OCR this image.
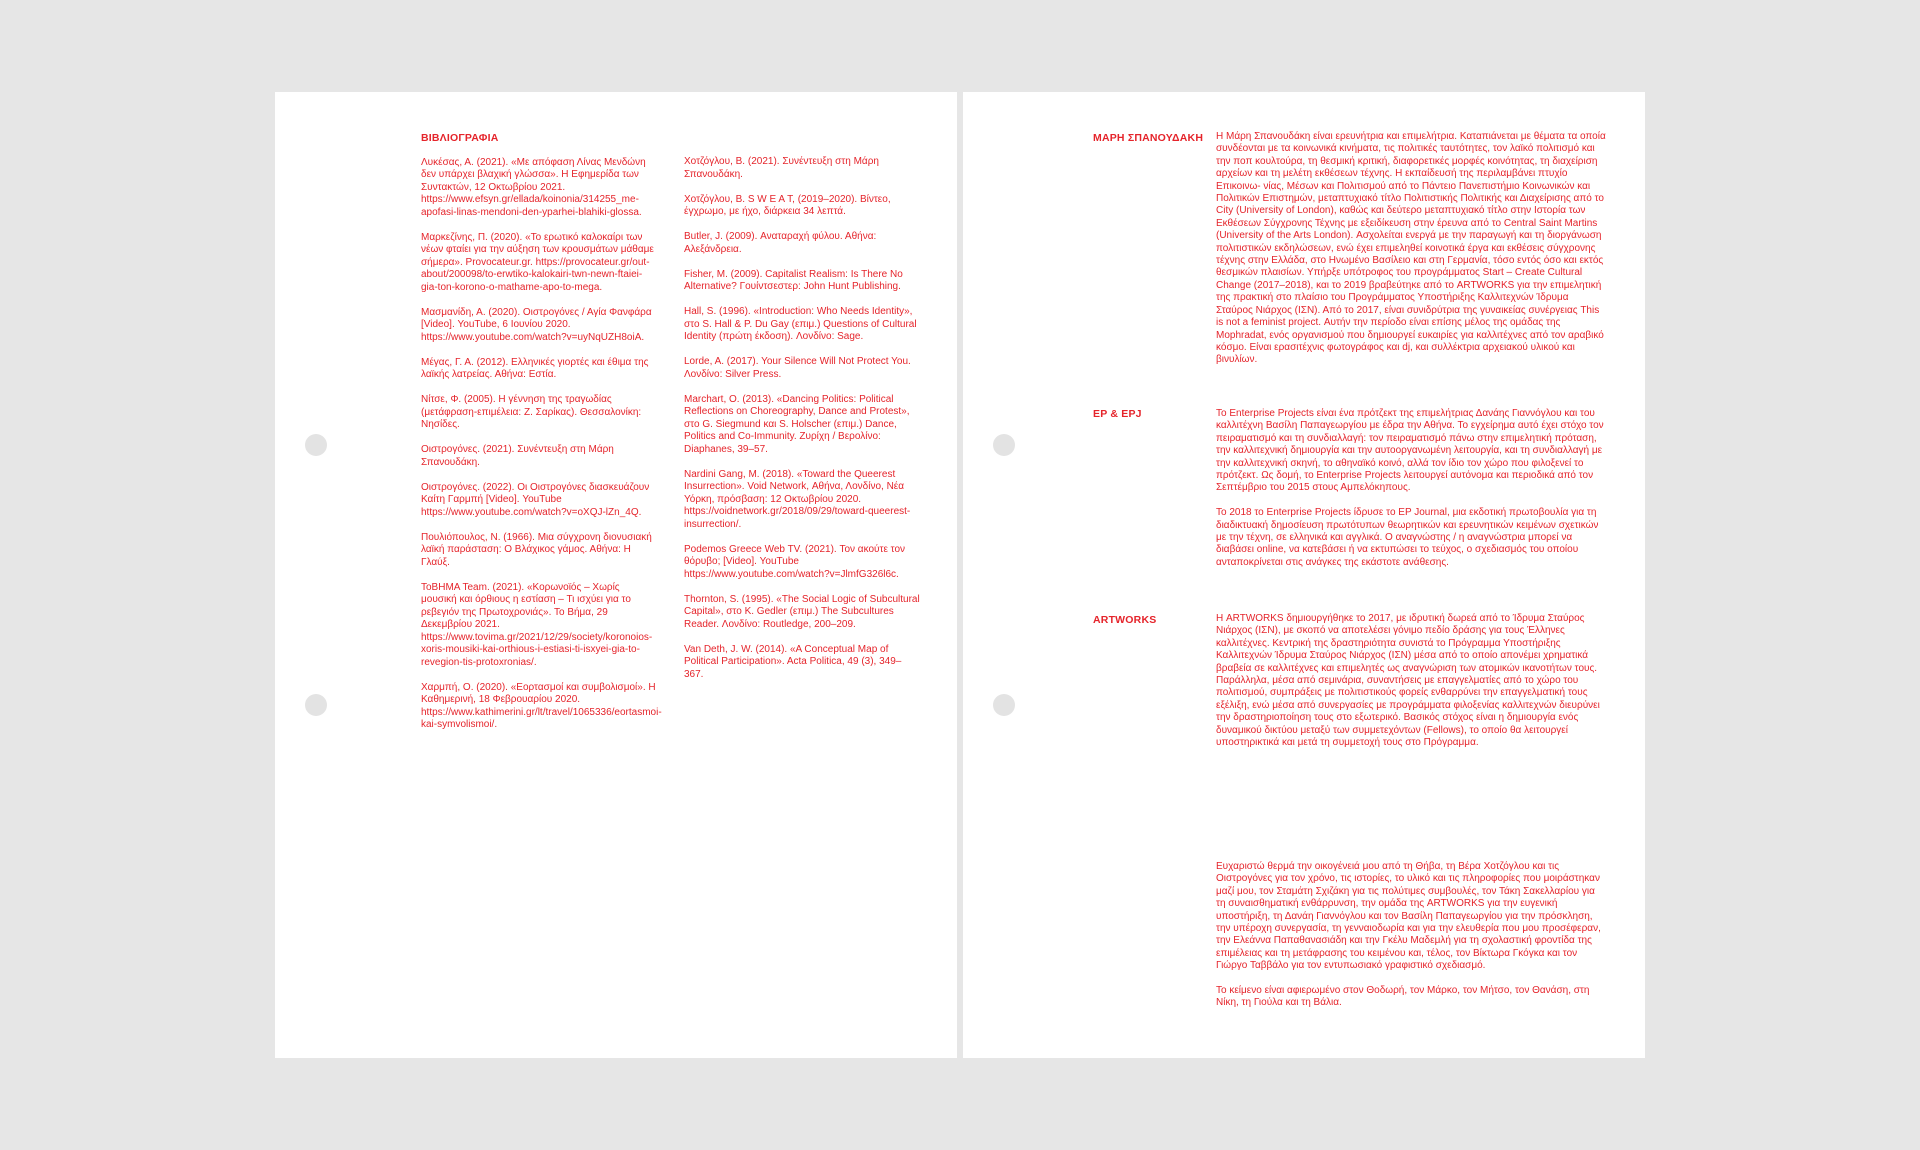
ΒΙΒΛΙΟΓΡΑΦΙΑ

Λυκέσας, Α. (2021). «Με απόφαση Λίνας Μενδώνη δεν υπάρχει βλαχική γλώσσα». Η Εφημερίδα των Συντακτών, 12 Οκτωβρίου 2021. https://www.efsyn.gr/ellada/koinonia/314255_me-apofasi-linas-mendoni-den-yparhei-blahiki-glossa.

Μαρκεζίνης, Π. (2020). «Το ερωτικό καλοκαίρι των νέων φταίει για την αύξηση των κρουσμάτων μάθαμε σήμερα». Provocateur.gr. https://provocateur.gr/out-about/200098/to-erwtiko-kalokairi-twn-newn-ftaiei-gia-ton-korono-o-mathame-apo-to-mega.

Μασμανίδη, Α. (2020). Οιστρογόνες / Αγία Φανφάρα [Video]. YouTube, 6 Ιουνίου 2020. https://www.youtube.com/watch?v=uyNqUZH8oiA.

Μέγας, Γ. Α. (2012). Ελληνικές γιορτές και έθιμα της λαϊκής λατρείας. Αθήνα: Εστία.

Νίτσε, Φ. (2005). Η γέννηση της τραγωδίας (μετάφραση-επιμέλεια: Ζ. Σαρίκας). Θεσσαλονίκη: Νησίδες.

Οιστρογόνες. (2021). Συνέντευξη στη Μάρη Σπανουδάκη.

Οιστρογόνες. (2022). Οι Οιστρογόνες διασκευάζουν Καίτη Γαρμπή [Video]. YouTube https://www.youtube.com/watch?v=oXQJ-lZn_4Q.

Πουλιόπουλος, Ν. (1966). Μια σύγχρονη διονυσιακή λαϊκή παράσταση: Ο Βλάχικος γάμος. Αθήνα: Η Γλαύξ.

ToBHMA Team. (2021). «Κορωνοϊός – Χωρίς μουσική και όρθιους η εστίαση – Τι ισχύει για το ρεβεγιόν της Πρωτοχρονιάς». Το Βήμα, 29 Δεκεμβρίου 2021. https://www.tovima.gr/2021/12/29/society/koronoios-xoris-mousiki-kai-orthious-i-estiasi-ti-isxyei-gia-to-revegion-tis-protoxronias/.

Χαρμπή, Ο. (2020). «Εορτασμοί και συμβολισμοί». Η Καθημερινή, 18 Φεβρουαρίου 2020. https://www.kathimerini.gr/lt/travel/1065336/eortasmoi-kai-symvolismoi/.

Χοτζόγλου, Β. (2021). Συνέντευξη στη Μάρη Σπανουδάκη.

Χοτζόγλου, Β. S W E A T, (2019–2020). Βίντεο, έγχρωμο, με ήχο, διάρκεια 34 λεπτά.

Butler, J. (2009). Αναταραχή φύλου. Αθήνα: Αλεξάνδρεια.

Fisher, M. (2009). Capitalist Realism: Is There No Alternative? Γουίντσεστερ: John Hunt Publishing.

Hall, S. (1996). «Introduction: Who Needs Identity», στο S. Hall & P. Du Gay (επιμ.) Questions of Cultural Identity (πρώτη έκδοση). Λονδίνο: Sage.

Lorde, A. (2017). Your Silence Will Not Protect You. Λονδίνο: Silver Press.

Marchart, O. (2013). «Dancing Politics: Political Reflections on Choreography, Dance and Protest», στο G. Siegmund και S. Holscher (επιμ.) Dance, Politics and Co-Immunity. Ζυρίχη / Βερολίνο: Diaphanes, 39–57.

Nardini Gang, M. (2018). «Toward the Queerest Insurrection». Void Network, Αθήνα, Λονδίνο, Νέα Υόρκη, πρόσβαση: 12 Οκτωβρίου 2020. https://voidnetwork.gr/2018/09/29/toward-queerest-insurrection/.

Podemos Greece Web TV. (2021). Τον ακούτε τον θόρυβο; [Video]. YouTube https://www.youtube.com/watch?v=JlmfG326l6c.

Thornton, S. (1995). «The Social Logic of Subcultural Capital», στο K. Gedler (επιμ.) The Subcultures Reader. Λονδίνο: Routledge, 200–209.

Van Deth, J. W. (2014). «A Conceptual Map of Political Participation». Acta Politica, 49 (3), 349–367.

ΜΑΡΗ ΣΠΑΝΟΥΔΑΚΗ Η Μάρη Σπανουδάκη είναι ερευνήτρια και επιμελήτρια. Καταπιάνεται με θέματα τα οποία συνδέονται με τα κοινωνικά κινήματα, τις πολιτικές ταυτότητες, τον λαϊκό πολιτισμό και την ποπ κουλτούρα, τη θεσμική κριτική, διαφορετικές μορφές κοινότητας, τη διαχείριση αρχείων και τη μελέτη εκθέσεων τέχνης. Η εκπαίδευσή της περιλαμβάνει πτυχίο Επικοινω- νίας, Μέσων και Πολιτισμού από το Πάντειο Πανεπιστήμιο Κοινωνικών και Πολιτικών Επιστημών, μεταπτυχιακό τίτλο Πολιτιστικής Πολιτικής και Διαχείρισης από το City (University of London), καθώς και δεύτερο μεταπτυχιακό τίτλο στην Ιστορία των Εκθέσεων Σύγχρονης Τέχνης με εξειδίκευση στην έρευνα από το Central Saint Martins (University of the Arts London). Ασχολείται ενεργά με την παραγωγή και τη διοργάνωση πολιτιστικών εκδηλώσεων, ενώ έχει επιμεληθεί κοινοτικά έργα και εκθέσεις σύγχρονης τέχνης στην Ελλάδα, στο Ηνωμένο Βασίλειο και στη Γερμανία, τόσο εντός όσο και εκτός θεσμικών πλαισίων. Υπήρξε υπότροφος του προγράμματος Start – Create Cultural Change (2017–2018), και το 2019 βραβεύτηκε από το ARTWORKS για την επιμελητική της πρακτική στο πλαίσιο του Προγράμματος Υποστήριξης Καλλιτεχνών Ίδρυμα Σταύρος Νιάρχος (ΙΣΝ). Από το 2017, είναι συνιδρύτρια της γυναικείας συνέργειας This is not a feminist project. Αυτήν την περίοδο είναι επίσης μέλος της ομάδας της Mophradat, ενός οργανισμού που δημιουργεί ευκαιρίες για καλλιτέχνες από τον αραβικό κόσμο. Είναι ερασιτέχνις φωτογράφος και dj, και συλλέκτρια αρχειακού υλικού και βινυλίων.

EP & EPJ	Το Enterprise Projects είναι ένα πρότζεκτ της επιμελήτριας Δανάης Γιαννόγλου και του καλλιτέχνη Βασίλη Παπαγεωργίου με έδρα την Αθήνα. Το εγχείρημα αυτό έχει στόχο τον πειραματισμό και τη συνδιαλλαγή: τον πειραματισμό πάνω στην επιμελητική πρόταση, την καλλιτεχνική δημιουργία και την αυτοοργανωμένη λειτουργία, και τη συνδιαλλαγή με την καλλιτεχνική σκηνή, το αθηναϊκό κοινό, αλλά τον ίδιο τον χώρο που φιλοξενεί το πρότζεκτ. Ως δομή, το Enterprise Projects λειτουργεί αυτόνομα και περιοδικά από τον Σεπτέμβριο του 2015 στους Αμπελόκηπους.

Το 2018 το Enterprise Projects ίδρυσε το EP Journal, μια εκδοτική πρωτοβουλία για τη διαδικτυακή δημοσίευση πρωτότυπων θεωρητικών και ερευνητικών κειμένων σχετικών με την τέχνη, σε ελληνικά και αγγλικά. Ο αναγνώστης / η αναγνώστρια μπορεί να διαβάσει online, να κατεβάσει ή να εκτυπώσει το τεύχος, ο σχεδιασμός του οποίου ανταποκρίνεται στις ανάγκες της εκάστοτε ανάθεσης.

ARTWORKS	Η ARTWORKS δημιουργήθηκε το 2017, με ιδρυτική δωρεά από το Ίδρυμα Σταύρος Νιάρχος (ΙΣΝ), με σκοπό να αποτελέσει γόνιμο πεδίο δράσης για τους Έλληνες καλλιτέχνες. Κεντρική της δραστηριότητα συνιστά το Πρόγραμμα Υποστήριξης Καλλιτεχνών Ίδρυμα Σταύρος Νιάρχος (ΙΣΝ) μέσα από το οποίο απονέμει χρηματικά βραβεία σε καλλιτέχνες και επιμελητές ως αναγνώριση των ατομικών ικανοτήτων τους. Παράλληλα, μέσα από σεμινάρια, συναντήσεις με επαγγελματίες από το χώρο του πολιτισμού, συμπράξεις με πολιτιστικούς φορείς ενθαρρύνει την επαγγελματική τους εξέλιξη, ενώ μέσα από συνεργασίες με προγράμματα φιλοξενίας καλλιτεχνών διευρύνει την δραστηριοποίηση τους στο εξωτερικό. Βασικός στόχος είναι η δημιουργία ενός δυναμικού δικτύου μεταξύ των συμμετεχόντων (Fellows), το οποίο θα λειτουργεί υποστηρικτικά και μετά τη συμμετοχή τους στο Πρόγραμμα.

Ευχαριστώ θερμά την οικογένειά μου από τη Θήβα, τη Βέρα Χοτζόγλου και τις Οιστρογόνες για τον χρόνο, τις ιστορίες, το υλικό και τις πληροφορίες που μοιράστηκαν μαζί μου, τον Σταμάτη Σχιζάκη για τις πολύτιμες συμβουλές, τον Τάκη Σακελλαρίου για τη συναισθηματική ενθάρρυνση, την ομάδα της ARTWORKS για την ευγενική υποστήριξη, τη Δανάη Γιαννόγλου και τον Βασίλη Παπαγεωργίου για την πρόσκληση, την υπέροχη συνεργασία, τη γενναιοδωρία και για την ελευθερία που μου προσέφεραν, την Ελεάννα Παπαθανασιάδη και την Γκέλυ Μαδεμλή για τη σχολαστική φροντίδα της επιμέλειας και τη μετάφρασης του κειμένου και, τέλος, τον Βίκτωρα Γκόγκα και τον Γιώργο Ταββάλο για τον εντυπωσιακό γραφιστικό σχεδιασμό.

Το κείμενο είναι αφιερωμένο στον Θοδωρή, τον Μάρκο, τον Μήτσο, τον Θανάση, στη Νίκη, τη Γιούλα και τη Βάλια.
